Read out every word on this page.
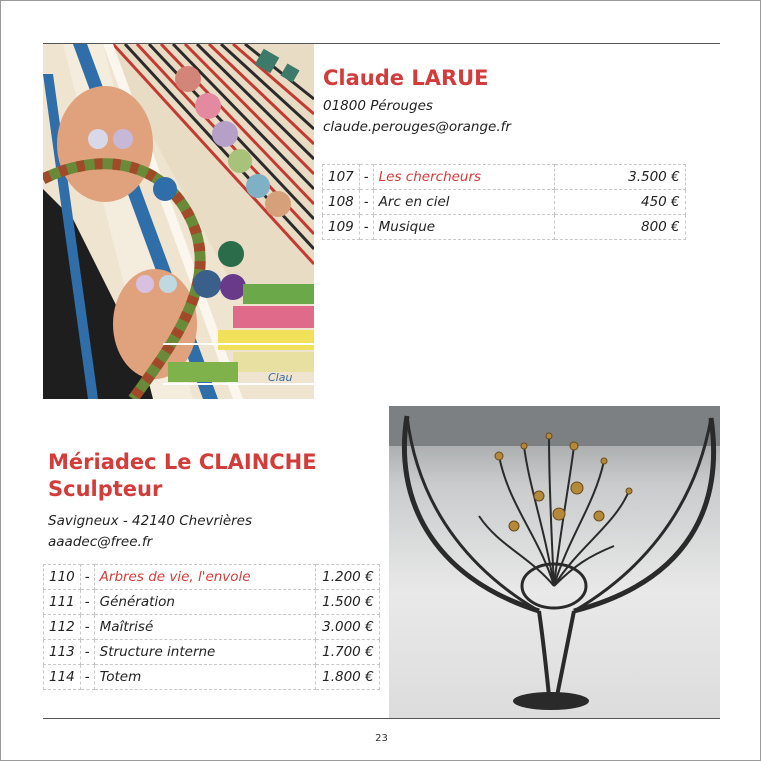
Clau
Claude LARUE
01800 Pérouges
claude.perouges@orange.fr
107	-	Les chercheurs	3.500 €
108	-	Arc en ciel	450 €
109	-	Musique	800 €
Mériadec Le CLAINCHE
Sculpteur
Savigneux - 42140 Chevrières
aaadec@free.fr
110	-	Arbres de vie, l'envole	1.200 €
111	-	Génération	1.500 €
112	-	Maîtrisé	3.000 €
113	-	Structure interne	1.700 €
114	-	Totem	1.800 €
23
